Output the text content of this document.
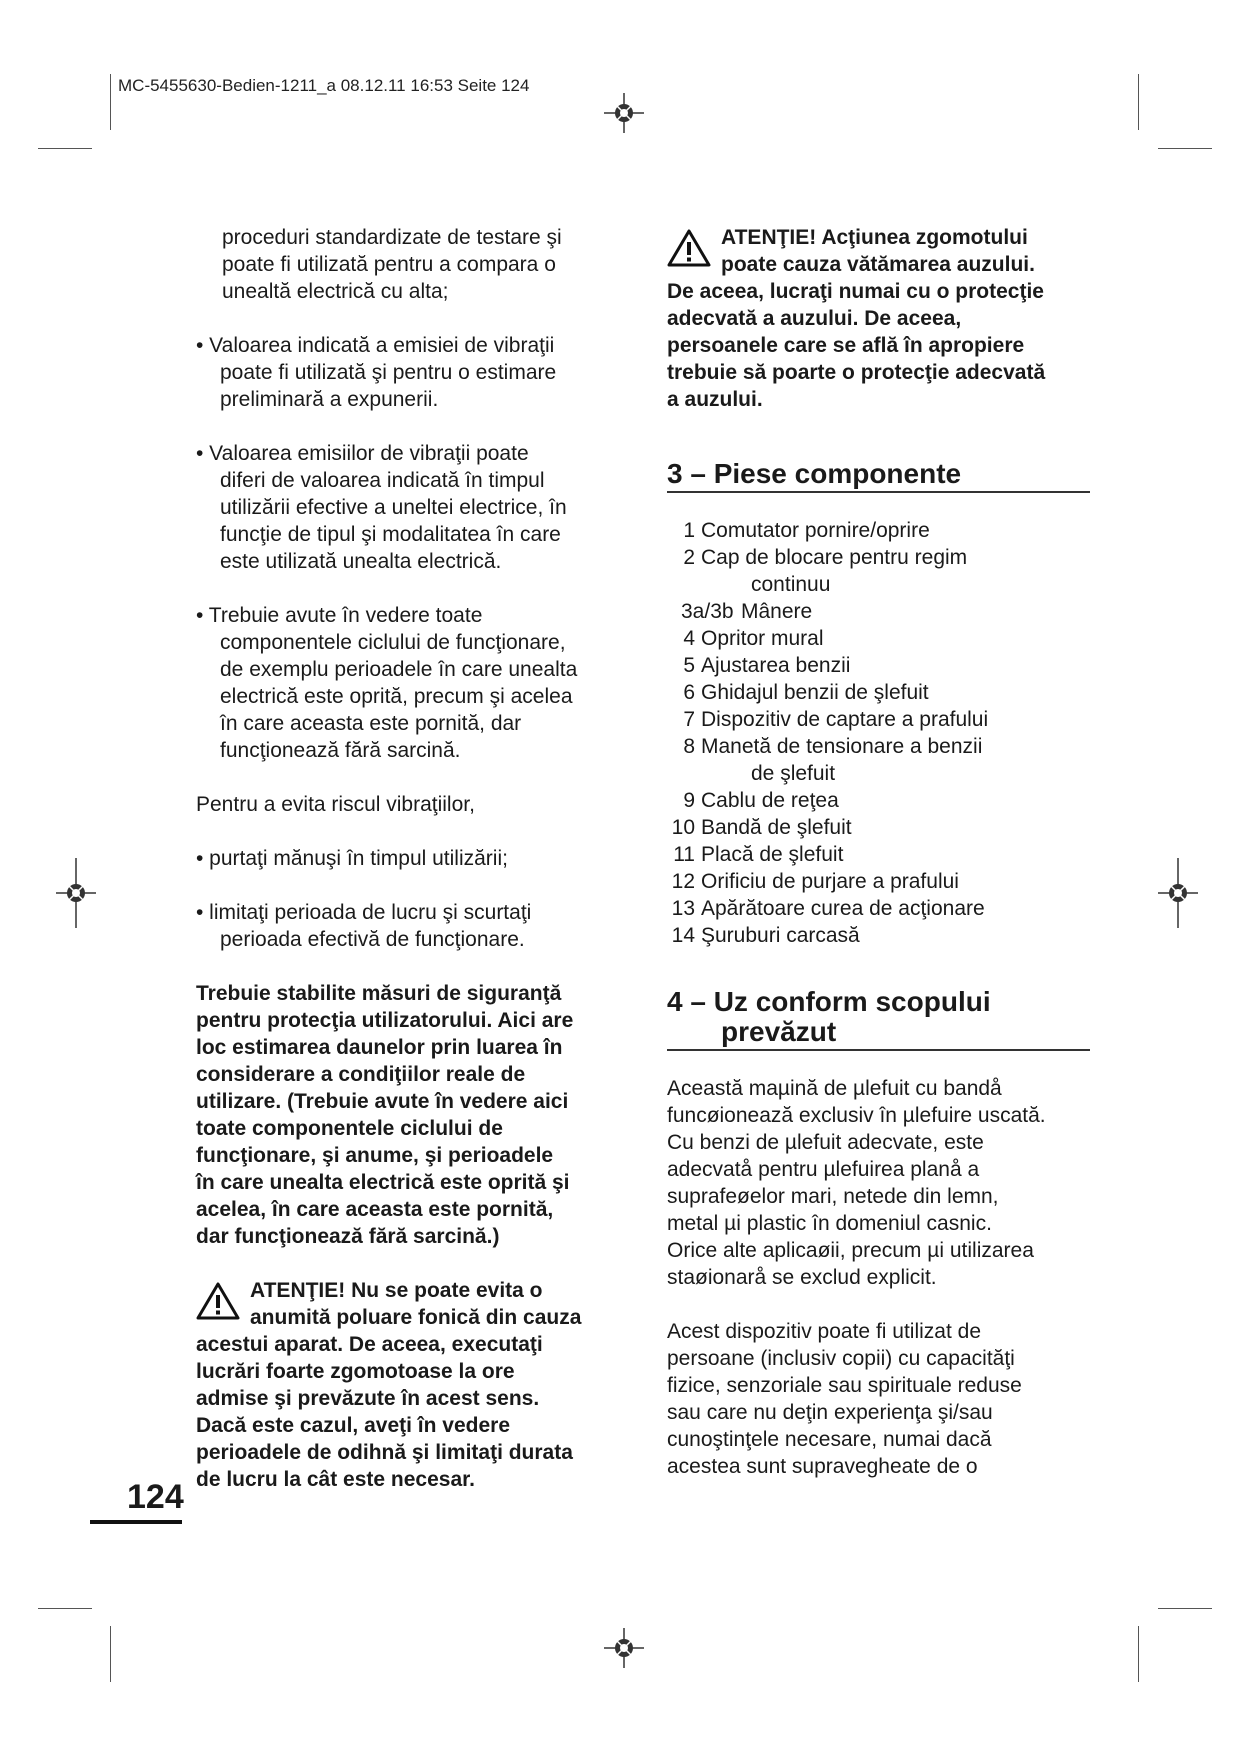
MC-5455630-Bedien-1211_a 08.12.11 16:53 Seite 124
proceduri standardizate de testare şi
poate fi utilizată pentru a compara o
unealtă electrică cu alta;
• Valoarea indicată a emisiei de vibraţii
poate fi utilizată şi pentru o estimare
preliminară a expunerii.
• Valoarea emisiilor de vibraţii poate
diferi de valoarea indicată în timpul
utilizării efective a uneltei electrice, în
funcţie de tipul şi modalitatea în care
este utilizată unealta electrică.
• Trebuie avute în vedere toate
componentele ciclului de funcţionare,
de exemplu perioadele în care unealta
electrică este oprită, precum şi acelea
în care aceasta este pornită, dar
funcţionează fără sarcină.
Pentru a evita riscul vibraţiilor,
• purtaţi mănuşi în timpul utilizării;
• limitaţi perioada de lucru şi scurtaţi
perioada efectivă de funcţionare.
Trebuie stabilite măsuri de siguranţă
pentru protecţia utilizatorului. Aici are
loc estimarea daunelor prin luarea în
considerare a condiţiilor reale de
utilizare. (Trebuie avute în vedere aici
toate componentele ciclului de
funcţionare, şi anume, şi perioadele
în care unealta electrică este oprită şi
acelea, în care aceasta este pornită,
dar funcţionează fără sarcină.)
ATENŢIE! Nu se poate evita o
anumită poluare fonică din cauza
acestui aparat. De aceea, executaţi
lucrări foarte zgomotoase la ore
admise şi prevăzute în acest sens.
Dacă este cazul, aveţi în vedere
perioadele de odihnă şi limitaţi durata
de lucru la cât este necesar.
ATENŢIE! Acţiunea zgomotului
poate cauza vătămarea auzului.
De aceea, lucraţi numai cu o protecţie
adecvată a auzului. De aceea,
persoanele care se află în apropiere
trebuie să poarte o protecţie adecvată
a auzului.
3 – Piese componente
1 Comutator pornire/oprire
2 Cap de blocare pentru regim
continuu
3a/3b Mânere
4 Opritor mural
5 Ajustarea benzii
6 Ghidajul benzii de şlefuit
7 Dispozitiv de captare a prafului
8 Manetă de tensionare a benzii
de şlefuit
9 Cablu de reţea
10 Bandă de şlefuit
11 Placă de şlefuit
12 Orificiu de purjare a prafului
13 Apărătoare curea de acţionare
14 Şuruburi carcasă
4 – Uz conform scopului
prevăzut
Această maµină de µlefuit cu bandå
funcøionează exclusiv în µlefuire uscată.
Cu benzi de µlefuit adecvate, este
adecvatå pentru µlefuirea planå a
suprafeøelor mari, netede din lemn,
metal µi plastic în domeniul casnic.
Orice alte aplicaøii, precum µi utilizarea
staøionarå se exclud explicit.
Acest dispozitiv poate fi utilizat de
persoane (inclusiv copii) cu capacităţi
fizice, senzoriale sau spirituale reduse
sau care nu deţin experienţa şi/sau
cunoştinţele necesare, numai dacă
acestea sunt supravegheate de o
124
